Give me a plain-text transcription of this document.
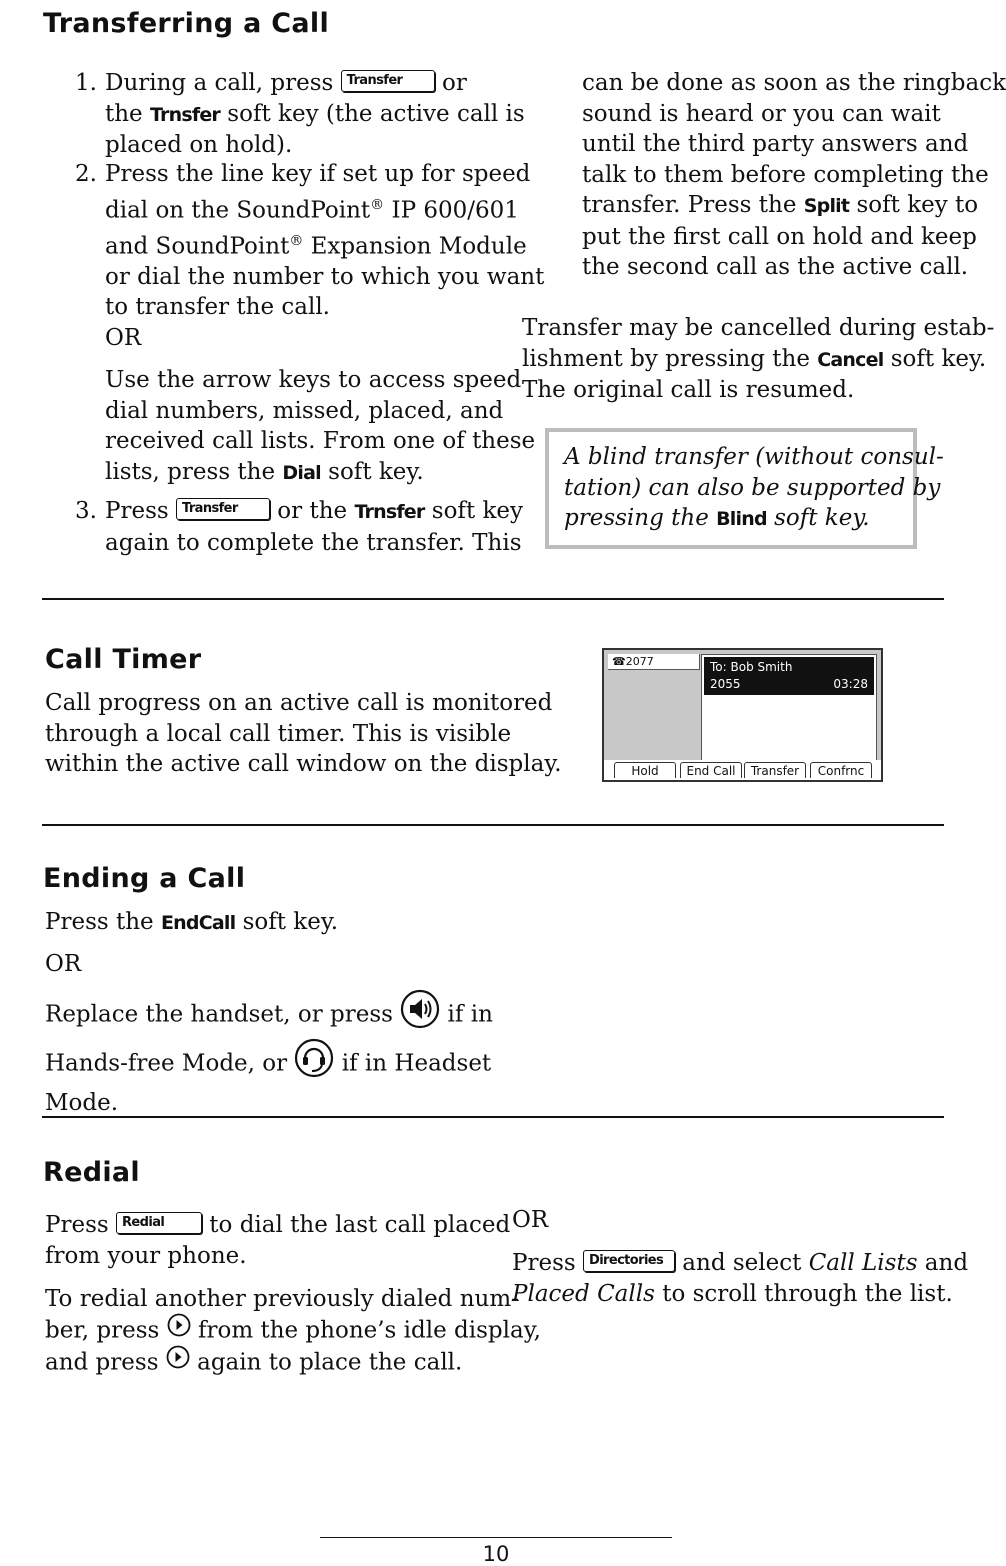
Transferring a Call
1. During a call, press Transfer or
the Trnsfer soft key (the active call is
placed on hold).
2. Press the line key if set up for speed
dial on the SoundPoint® IP 600/601
and SoundPoint® Expansion Module
or dial the number to which you want
to transfer the call.

OR

Use the arrow keys to access speed
dial numbers, missed, placed, and
received call lists. From one of these
lists, press the Dial soft key.
3. Press Transfer or the Trnsfer soft key
again to complete the transfer. This
can be done as soon as the ringback
sound is heard or you can wait
until the third party answers and
talk to them before completing the
transfer. Press the Split soft key to
put the first call on hold and keep
the second call as the active call.
Transfer may be cancelled during estab-
lishment by pressing the Cancel soft key.
The original call is resumed.
A blind transfer (without consul-
tation) can also be supported by
pressing the Blind soft key.
Call Timer
Call progress on an active call is monitored
through a local call timer. This is visible
within the active call window on the display.
☎2077	To: Bob Smith
2055	03:28
Hold	End Call	Transfer	Confrnc
Ending a Call
Press the EndCall soft key.

OR

Replace the handset, or press  if in
Hands-free Mode, or  if in Headset
Mode.
Redial
Press Redial to dial the last call placed
from your phone.
To redial another previously dialed num-
ber, press  from the phone’s idle display,
and press  again to place the call.

OR

Press Directories and select Call Lists and
Placed Calls to scroll through the list.
10
